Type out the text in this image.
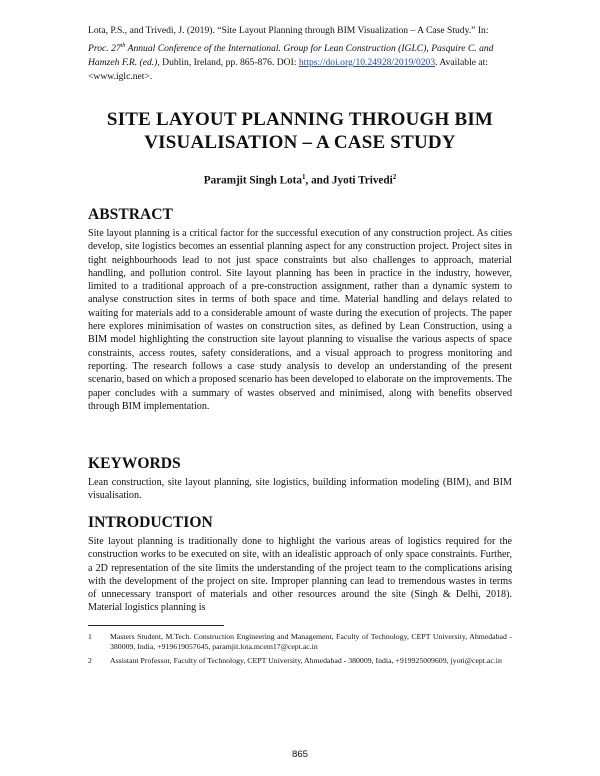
Lota, P.S., and Trivedi, J. (2019). “Site Layout Planning through BIM Visualization – A Case Study.” In:
Proc. 27th Annual Conference of the International. Group for Lean Construction (IGLC), Pasquire C. and
Hamzeh F.R. (ed.), Dublin, Ireland, pp. 865-876. DOI: https://doi.org/10.24928/2019/0203. Available at:
<www.iglc.net>.
SITE LAYOUT PLANNING THROUGH BIM
VISUALISATION – A CASE STUDY
Paramjit Singh Lota$^1$, and Jyoti Trivedi$^2$
ABSTRACT

Site layout planning is a critical factor for the successful execution of any construction project. As cities develop, site logistics becomes an essential planning aspect for any construction project. Project sites in tight neighbourhoods lead to not just space constraints but also challenges to approach, material handling, and pollution control. Site layout planning has been in practice in the industry, however, limited to a traditional approach of a pre-construction assignment, rather than a dynamic system to analyse construction sites in terms of both space and time. Material handling and delays related to waiting for materials add to a considerable amount of waste during the execution of projects. The paper here explores minimisation of wastes on construction sites, as defined by Lean Construction, using a BIM model highlighting the construction site layout planning to visualise the various aspects of space constraints, access routes, safety considerations, and a visual approach to progress monitoring and reporting. The research follows a case study analysis to develop an understanding of the present scenario, based on which a proposed scenario has been developed to elaborate on the improvements. The paper concludes with a summary of wastes observed and minimised, along with benefits observed through BIM implementation.

KEYWORDS

Lean construction, site layout planning, site logistics, building information modeling (BIM), and BIM visualisation.

INTRODUCTION

Site layout planning is traditionally done to highlight the various areas of logistics required for the construction works to be executed on site, with an idealistic approach of only space constraints. Further, a 2D representation of the site limits the understanding of the project team to the complications arising with the development of the project on site. Improper planning can lead to tremendous wastes in terms of unnecessary transport of materials and other resources around the site (Singh & Delhi, 2018). Material logistics planning is

1 Masters Student, M.Tech. Construction Engineering and Management, Faculty of Technology, CEPT University, Ahmedabad - 380009, India, +919619057645, paramjit.lota.mcem17@cept.ac.in
2 Assistant Professor, Faculty of Technology, CEPT University, Ahmedabad - 380009, India, +919925009609, jyoti@cept.ac.in
865
